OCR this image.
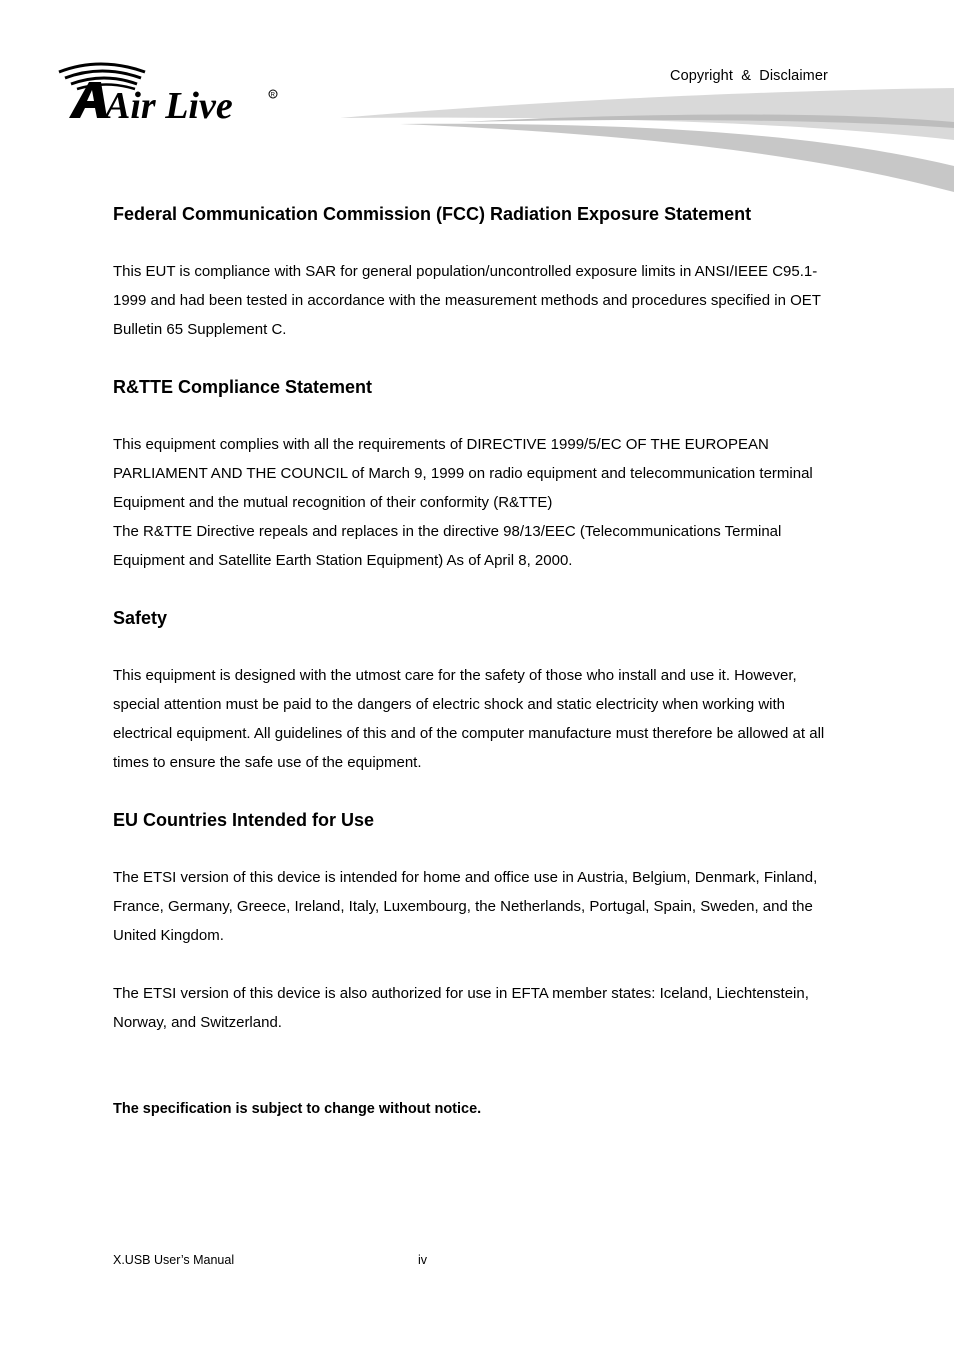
Air Live	R
Copyright  &  Disclaimer
Federal Communication Commission (FCC) Radiation Exposure Statement

This EUT is compliance with SAR for general population/uncontrolled exposure limits in ANSI/IEEE C95.1-1999 and had been tested in accordance with the measurement methods and procedures specified in OET Bulletin 65 Supplement C.

R&TTE Compliance Statement

This equipment complies with all the requirements of DIRECTIVE 1999/5/EC OF THE EUROPEAN PARLIAMENT AND THE COUNCIL of March 9, 1999 on radio equipment and telecommunication terminal Equipment and the mutual recognition of their conformity (R&TTE)

The R&TTE Directive repeals and replaces in the directive 98/13/EEC (Telecommunications Terminal Equipment and Satellite Earth Station Equipment) As of April 8, 2000.

Safety

This equipment is designed with the utmost care for the safety of those who install and use it. However, special attention must be paid to the dangers of electric shock and static electricity when working with electrical equipment. All guidelines of this and of the computer manufacture must therefore be allowed at all times to ensure the safe use of the equipment.

EU Countries Intended for Use

The ETSI version of this device is intended for home and office use in Austria, Belgium, Denmark, Finland, France, Germany, Greece, Ireland, Italy, Luxembourg, the Netherlands, Portugal, Spain, Sweden, and the United Kingdom.

The ETSI version of this device is also authorized for use in EFTA member states: Iceland, Liechtenstein, Norway, and Switzerland.

The specification is subject to change without notice.

X.USB User’s Manual	iv
